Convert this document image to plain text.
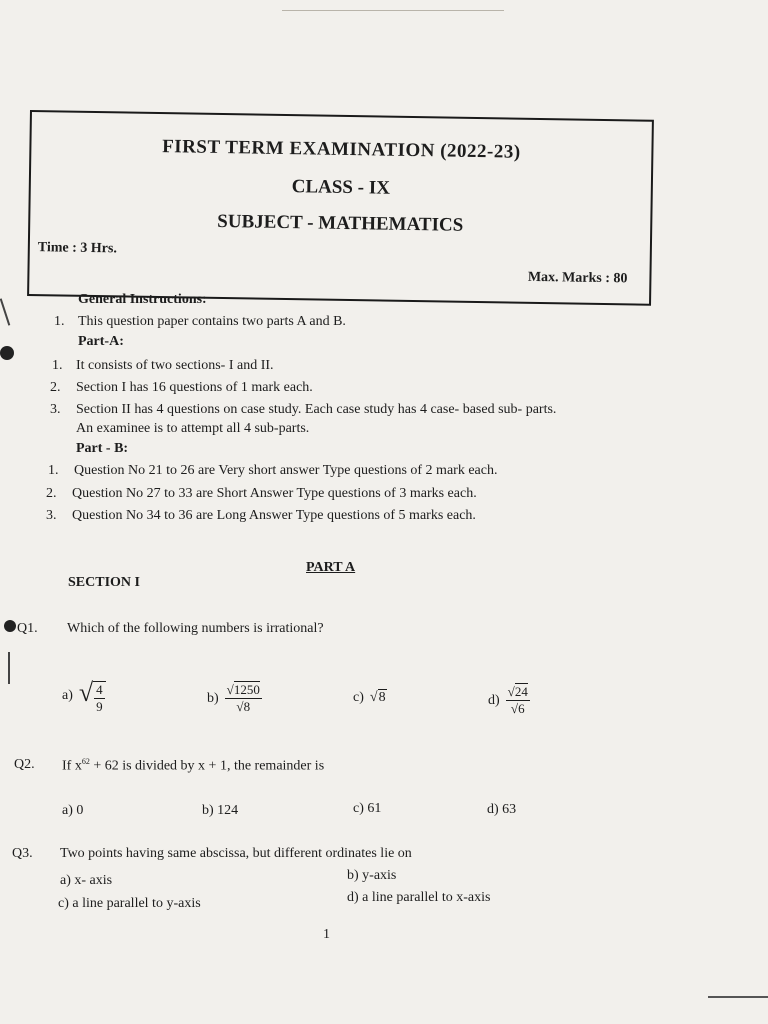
FIRST TERM EXAMINATION (2022-23)
CLASS - IX
SUBJECT - MATHEMATICS
Time : 3 Hrs.
Max. Marks : 80
General Instructions:
1. This question paper contains two parts A and B.
Part-A:
1. It consists of two sections- I and II.
2. Section I has 16 questions of 1 mark each.
3. Section II has 4 questions on case study. Each case study has 4 case- based sub- parts.
An examinee is to attempt all 4 sub-parts.
Part - B:
1. Question No 21 to 26 are Very short answer Type questions of 2 mark each.
2. Question No 27 to 33 are Short Answer Type questions of 3 marks each.
3. Question No 34 to 36 are Long Answer Type questions of 5 marks each.
PART A
SECTION I
Q1. Which of the following numbers is irrational?
a) √ $\frac{4}{9}$	$b) \frac{√1250}{√8}$	c) √8	$d) \frac{√24}{√6}$
Q2. If $x^{62} + 62$ is divided by x + 1, the remainder is
a) 0	b) 124	c) 61	d) 63
Q3. Two points having same abscissa, but different ordinates lie on
a) x- axis	b) y-axis
c) a line parallel to y-axis	d) a line parallel to x-axis
1
